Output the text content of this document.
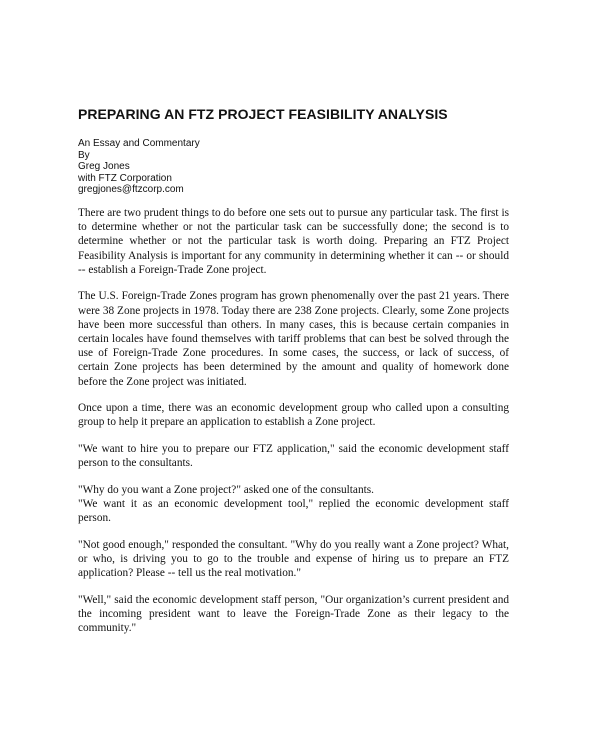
PREPARING AN FTZ PROJECT FEASIBILITY ANALYSIS
An Essay and Commentary
By
Greg Jones
with FTZ Corporation
gregjones@ftzcorp.com

There are two prudent things to do before one sets out to pursue any particular task. The first is to determine whether or not the particular task can be successfully done; the second is to determine whether or not the particular task is worth doing. Preparing an FTZ Project Feasibility Analysis is important for any community in determining whether it can -- or should -- establish a Foreign-Trade Zone project.

The U.S. Foreign-Trade Zones program has grown phenomenally over the past 21 years. There were 38 Zone projects in 1978. Today there are 238 Zone projects. Clearly, some Zone projects have been more successful than others. In many cases, this is because certain companies in certain locales have found themselves with tariff problems that can best be solved through the use of Foreign-Trade Zone procedures. In some cases, the success, or lack of success, of certain Zone projects has been determined by the amount and quality of homework done before the Zone project was initiated.

Once upon a time, there was an economic development group who called upon a consulting group to help it prepare an application to establish a Zone project.

"We want to hire you to prepare our FTZ application," said the economic development staff person to the consultants.

"Why do you want a Zone project?" asked one of the consultants.

"We want it as an economic development tool," replied the economic development staff person.

"Not good enough," responded the consultant. "Why do you really want a Zone project? What, or who, is driving you to go to the trouble and expense of hiring us to prepare an FTZ application? Please -- tell us the real motivation."

"Well," said the economic development staff person, "Our organization’s current president and the incoming president want to leave the Foreign-Trade Zone as their legacy to the community."
